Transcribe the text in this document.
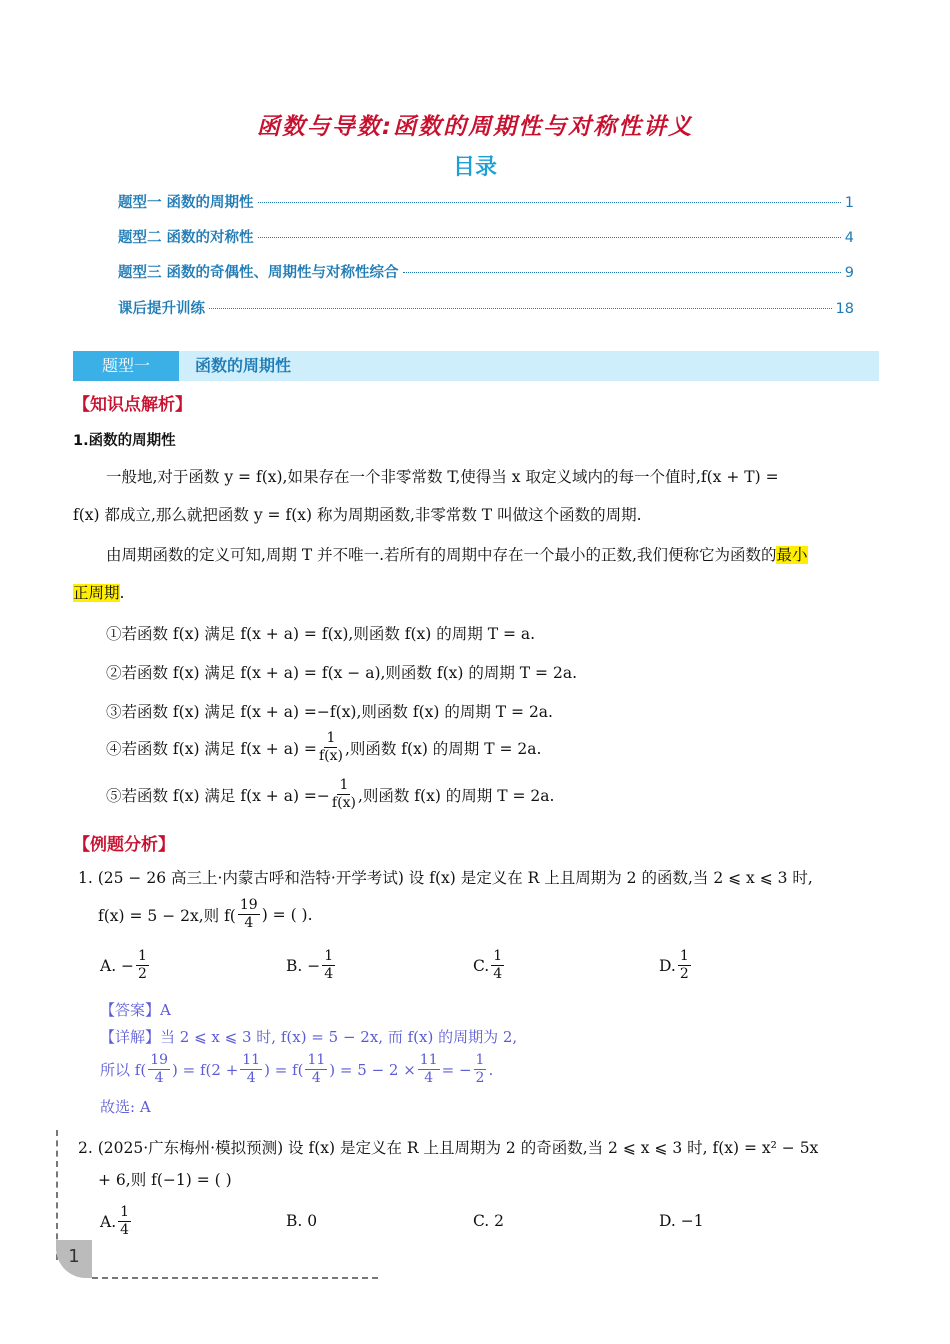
函数与导数:函数的周期性与对称性讲义
目录
题型一 函数的周期性	1
题型二 函数的对称性	4
题型三 函数的奇偶性、周期性与对称性综合	9
课后提升训练	18
题型一	函数的周期性
【知识点解析】
1.函数的周期性
一般地,对于函数 y = f(x),如果存在一个非零常数 T,使得当 x 取定义域内的每一个值时,f(x + T) =
f(x) 都成立,那么就把函数 y = f(x) 称为周期函数,非零常数 T 叫做这个函数的周期.
由周期函数的定义可知,周期 T 并不唯一.若所有的周期中存在一个最小的正数,我们便称它为函数的最小
正周期.
①若函数 f(x) 满足 f(x + a) = f(x),则函数 f(x) 的周期 T = a.
②若函数 f(x) 满足 f(x + a) = f(x − a),则函数 f(x) 的周期 T = 2a.
③若函数 f(x) 满足 f(x + a) =−f(x),则函数 f(x) 的周期 T = 2a.
④若函数 f(x) 满足 $f(x + a) = \frac{1}{f(x)}$ ,则函数 f(x) 的周期 T = 2a.
⑤若函数 f(x) 满足 $f(x + a) =- \frac{1}{f(x)}$ ,则函数 f(x) 的周期 T = 2a.
【例题分析】
1. (25 − 26 高三上·内蒙古呼和浩特·开学考试) 设 f(x) 是定义在 R 上且周期为 2 的函数,当 2 ⩽ x ⩽ 3 时,
f(x) = 5 − 2x,则 $f( \frac{19}{4}$ ) = ( ).
A. − $\frac{1}{2}$	B. − $\frac{1}{4}$	C. $\frac{1}{4}$	D. $\frac{1}{2}$
【答案】A
【详解】当 2 ⩽ x ⩽ 3 时, f(x) = 5 − 2x, 而 f(x) 的周期为 2,
所以 $f( \frac{19}{4}$ ) = $f(2 + \frac{11}{4}$ ) = $f( \frac{11}{4}$ ) = $5 - 2 \times \frac{11}{4}$ = − $\frac{1}{2}$ .
故选: A
2. (2025·广东梅州·模拟预测) 设 f(x) 是定义在 R 上且周期为 2 的奇函数,当 2 ⩽ x ⩽ 3 时, f(x) = x² − 5x
+ 6,则 f(−1) = ( )
A. $\frac{1}{4}$	B. 0	C. 2	D. −1
1
